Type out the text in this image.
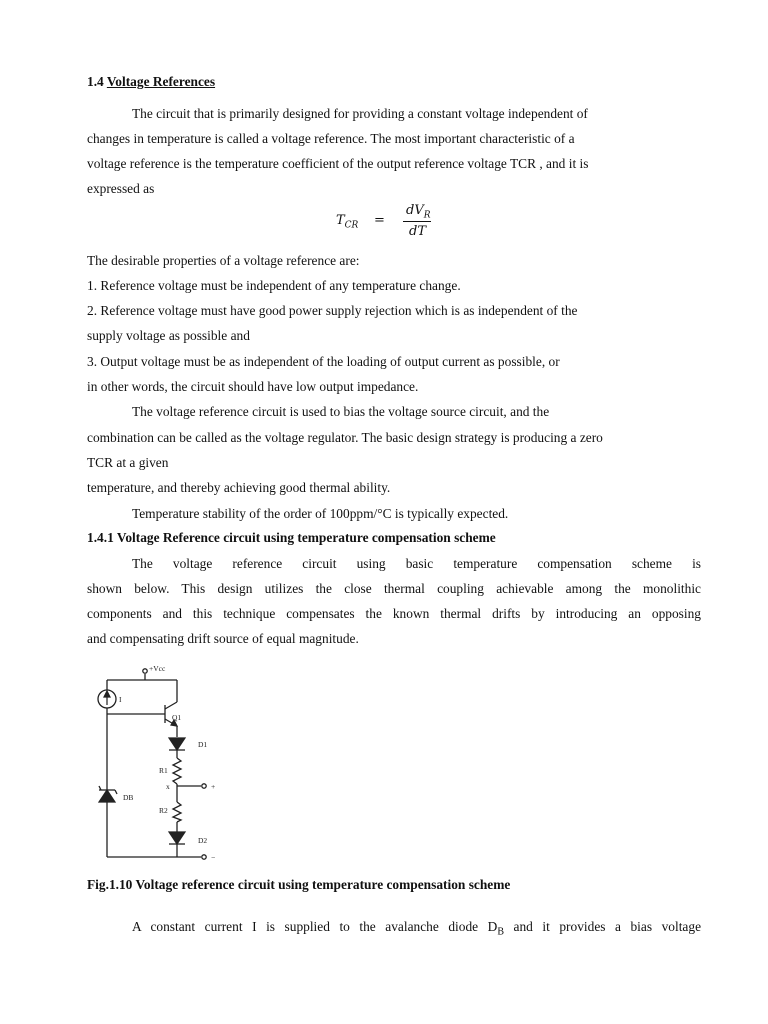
1.4 Voltage References
The circuit that is primarily designed for providing a constant voltage independent of
changes in temperature is called a voltage reference. The most important characteristic of a
voltage reference is the temperature coefficient of the output reference voltage TCR , and it is
expressed as
$T_{CR}$ =
$dV_R$
dT
The desirable properties of a voltage reference are:
1. Reference voltage must be independent of any temperature change.
2. Reference voltage must have good power supply rejection which is as independent of the
supply voltage as possible and
3. Output voltage must be as independent of the loading of output current as possible, or
in other words, the circuit should have low output impedance.
The voltage reference circuit is used to bias the voltage source circuit, and the
combination can be called as the voltage regulator. The basic design strategy is producing a zero
TCR at a given
temperature, and thereby achieving good thermal ability.
Temperature stability of the order of 100ppm/°C is typically expected.
1.4.1 Voltage Reference circuit using temperature compensation scheme
The voltage reference circuit using basic temperature compensation scheme is
shown below. This design utilizes the close thermal coupling achievable among the monolithic
components and this technique compensates the known thermal drifts by introducing an opposing
and compensating drift source of equal magnitude.
+Vcc
I
Q1
D1
R1
x
R2
DB
D2
+
−
Fig.1.10 Voltage reference circuit using temperature compensation scheme
A constant current I is supplied to the avalanche diode $D_B$ and it provides a bias voltage
